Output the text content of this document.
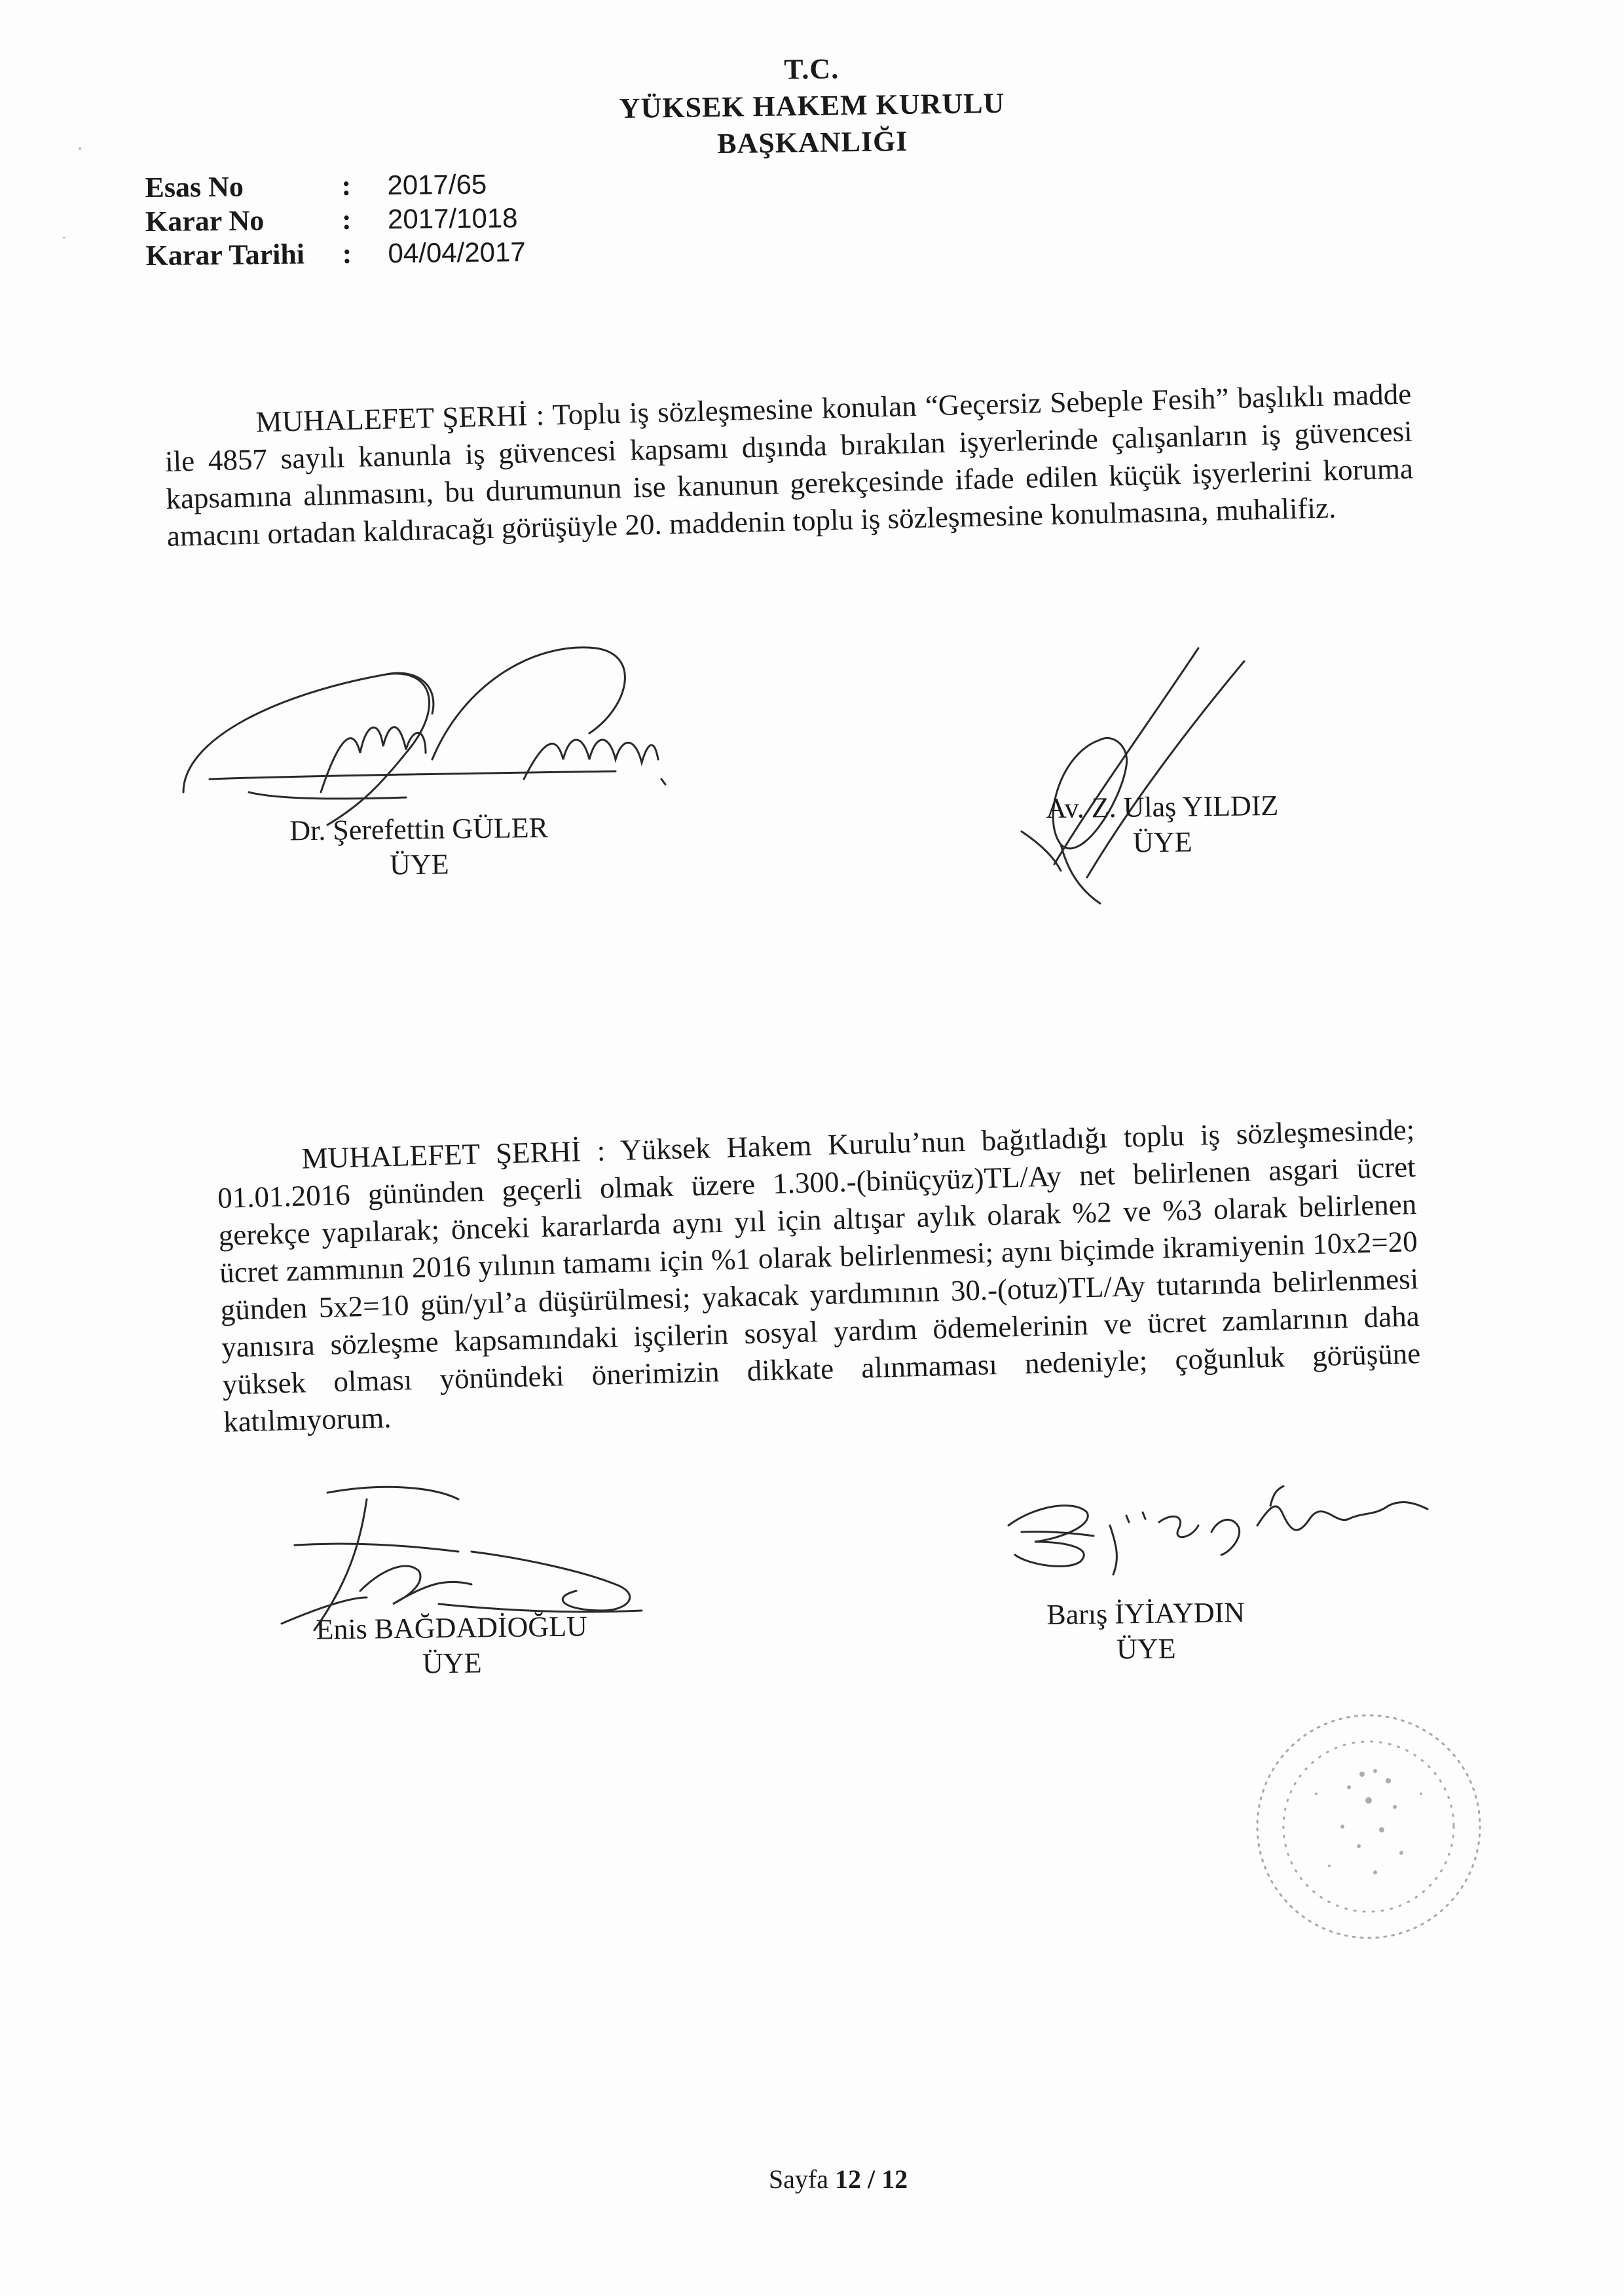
T.C.
YÜKSEK HAKEM KURULU
BAŞKANLIĞI
Esas No	:	2017/65
Karar No	:	2017/1018
Karar Tarihi	:	04/04/2017
MUHALEFET ŞERHİ : Toplu iş sözleşmesine konulan “Geçersiz Sebeple Fesih” başlıklı madde ile 4857 sayılı kanunla iş güvencesi kapsamı dışında bırakılan işyerlerinde çalışanların iş güvencesi kapsamına alınmasını, bu durumunun ise kanunun gerekçesinde ifade edilen küçük işyerlerini koruma amacını ortadan kaldıracağı görüşüyle 20. maddenin toplu iş sözleşmesine konulmasına, muhalifiz.
Dr. Şerefettin GÜLER
ÜYE
Av. Z. Ulaş YILDIZ
ÜYE
MUHALEFET ŞERHİ : Yüksek Hakem Kurulu’nun bağıtladığı toplu iş sözleşmesinde; 01.01.2016 gününden geçerli olmak üzere 1.300.-(binüçyüz)TL/Ay net belirlenen asgari ücret gerekçe yapılarak; önceki kararlarda aynı yıl için altışar aylık olarak %2 ve %3 olarak belirlenen ücret zammının 2016 yılının tamamı için %1 olarak belirlenmesi; aynı biçimde ikramiyenin 10x2=20 günden 5x2=10 gün/yıl’a düşürülmesi; yakacak yardımının 30.-(otuz)TL/Ay tutarında belirlenmesi yanısıra sözleşme kapsamındaki işçilerin sosyal yardım ödemelerinin ve ücret zamlarının daha yüksek olması yönündeki önerimizin dikkate alınmaması nedeniyle; çoğunluk görüşüne katılmıyorum.
Enis BAĞDADİOĞLU
ÜYE
Barış İYİAYDIN
ÜYE
Sayfa 12 / 12
